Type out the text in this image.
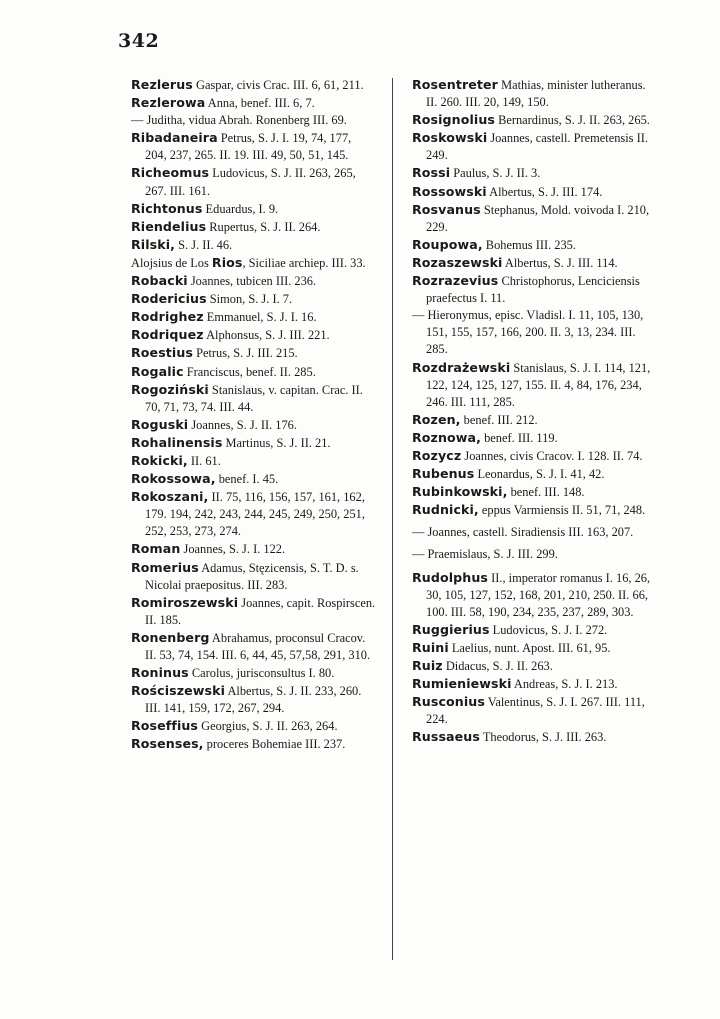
342

Rezlerus Gaspar, civis Crac. III. 6, 61, 211.

Rezlerowa Anna, benef. III. 6, 7.

— Juditha, vidua Abrah. Ronenberg III. 69.

Ribadaneira Petrus, S. J. I. 19, 74, 177, 204, 237, 265. II. 19. III. 49, 50, 51, 145.

Richeomus Ludovicus, S. J. II. 263, 265, 267. III. 161.

Richtonus Eduardus, I. 9.

Riendelius Rupertus, S. J. II. 264.

Rilski, S. J. II. 46.

Alojsius de Los Rios, Siciliae archiep. III. 33.

Robacki Joannes, tubicen III. 236.

Rodericius Simon, S. J. I. 7.

Rodrighez Emmanuel, S. J. I. 16.

Rodriquez Alphonsus, S. J. III. 221.

Roestius Petrus, S. J. III. 215.

Rogalic Franciscus, benef. II. 285.

Rogoziński Stanislaus, v. capitan. Crac. II. 70, 71, 73, 74. III. 44.

Roguski Joannes, S. J. II. 176.

Rohalinensis Martinus, S. J. II. 21.

Rokicki, II. 61.

Rokossowa, benef. I. 45.

Rokoszani, II. 75, 116, 156, 157, 161, 162, 179. 194, 242, 243, 244, 245, 249, 250, 251, 252, 253, 273, 274.

Roman Joannes, S. J. I. 122.

Romerius Adamus, Stęzicensis, S. T. D. s. Nicolai praepositus. III. 283.

Romiroszewski Joannes, capit. Rospirscen. II. 185.

Ronenberg Abrahamus, proconsul Cracov. II. 53, 74, 154. III. 6, 44, 45, 57,58, 291, 310.

Roninus Carolus, jurisconsultus I. 80.

Rościszewski Albertus, S. J. II. 233, 260. III. 141, 159, 172, 267, 294.

Roseffius Georgius, S. J. II. 263, 264.

Rosenses, proceres Bohemiae III. 237.

Rosentreter Mathias, minister lutheranus. II. 260. III. 20, 149, 150.

Rosignolius Bernardinus, S. J. II. 263, 265.

Roskowski Joannes, castell. Premetensis II. 249.

Rossi Paulus, S. J. II. 3.

Rossowski Albertus, S. J. III. 174.

Rosvanus Stephanus, Mold. voivoda I. 210, 229.

Roupowa, Bohemus III. 235.

Rozaszewski Albertus, S. J. III. 114.

Rozrazevius Christophorus, Lenciciensis praefectus I. 11.

— Hieronymus, episc. Vladisl. I. 11, 105, 130, 151, 155, 157, 166, 200. II. 3, 13, 234. III. 285.

Rozdrażewski Stanislaus, S. J. I. 114, 121, 122, 124, 125, 127, 155. II. 4, 84, 176, 234, 246. III. 111, 285.

Rozen, benef. III. 212.

Roznowa, benef. III. 119.

Rozycz Joannes, civis Cracov. I. 128. II. 74.

Rubenus Leonardus, S. J. I. 41, 42.

Rubinkowski, benef. III. 148.

Rudnicki, eppus Varmiensis II. 51, 71, 248.

— Joannes, castell. Siradiensis III. 163, 207.

— Praemislaus, S. J. III. 299.

Rudolphus II., imperator romanus I. 16, 26, 30, 105, 127, 152, 168, 201, 210, 250. II. 66, 100. III. 58, 190, 234, 235, 237, 289, 303.

Ruggierius Ludovicus, S. J. I. 272.

Ruini Laelius, nunt. Apost. III. 61, 95.

Ruiz Didacus, S. J. II. 263.

Rumieniewski Andreas, S. J. I. 213.

Rusconius Valentinus, S. J. I. 267. III. 111, 224.

Russaeus Theodorus, S. J. III. 263.
